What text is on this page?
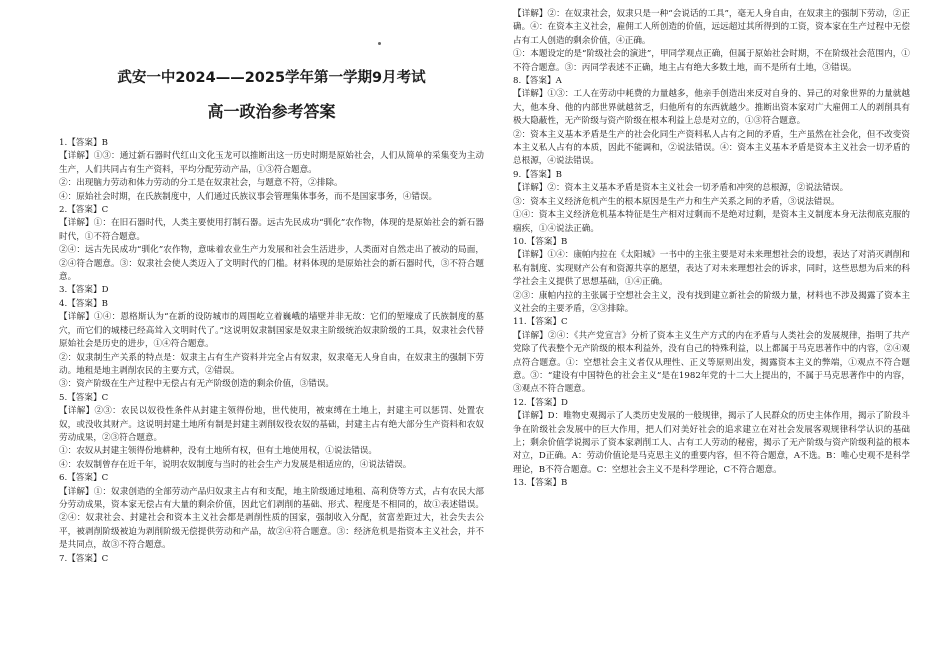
武安一中2024——2025学年第一学期9月考试
高一政治参考答案

1.【答案】B

【详解】①③：通过新石器时代红山文化玉龙可以推断出这一历史时期是原始社会，人们从简单的采集变为主动生产，人们共同占有生产资料，平均分配劳动产品，①③符合题意。

②：出现脑力劳动和体力劳动的分工是在奴隶社会，与题意不符，②排除。

④：原始社会时期，在氏族制度中，人们通过氏族议事会管理集体事务，而不是国家事务，④错误。

2.【答案】C

【详解】①：在旧石器时代，人类主要使用打制石器。远古先民成功“驯化”农作物，体现的是原始社会的新石器时代，①不符合题意。

②④：远古先民成功“驯化”农作物，意味着农业生产力发展和社会生活进步，人类面对自然走出了被动的局面，②④符合题意。③：奴隶社会使人类迈入了文明时代的门槛。材料体现的是原始社会的新石器时代，③不符合题意。

3.【答案】D

4.【答案】B

【详解】①④：恩格斯认为“在新的设防城市的周围屹立着巍峨的墙壁并非无故：它们的堑壕成了氏族制度的墓穴，而它们的城楼已经高耸入文明时代了。”这说明奴隶制国家是奴隶主阶级统治奴隶阶级的工具，奴隶社会代替原始社会是历史的进步，①④符合题意。

②：奴隶制生产关系的特点是：奴隶主占有生产资料并完全占有奴隶，奴隶毫无人身自由，在奴隶主的强制下劳动。地租是地主剥削农民的主要方式，②错误。

③：资产阶级在生产过程中无偿占有无产阶级创造的剩余价值，③错误。

5.【答案】C

【详解】②③：农民以奴役性条件从封建主领得份地，世代使用，被束缚在土地上，封建主可以惩罚、处置农奴，或没收其财产。这说明封建土地所有制是封建主剥削奴役农奴的基础，封建主占有绝大部分生产资料和农奴劳动成果，②③符合题意。

①：农奴从封建主领得份地耕种，没有土地所有权，但有土地使用权，①说法错误。

④：农奴制曾存在近千年，说明农奴制度与当时的社会生产力发展是相适应的，④说法错误。

6.【答案】C

【详解】①：奴隶创造的全部劳动产品归奴隶主占有和支配，地主阶级通过地租、高利贷等方式，占有农民大部分劳动成果，资本家无偿占有大量的剩余价值，因此它们剥削的基础、形式、程度是不相同的，故①表述错误。②④：奴隶社会、封建社会和资本主义社会都是剥削性质的国家，强制收入分配，贫富差距过大，社会失去公平，被剥削阶级被迫为剥削阶级无偿提供劳动和产品，故②④符合题意。③：经济危机是指资本主义社会，并不是共同点，故③不符合题意。

7.【答案】C

【详解】②：在奴隶社会，奴隶只是一种“会说话的工具”，毫无人身自由，在奴隶主的强制下劳动，②正确。④：在资本主义社会，雇佣工人所创造的价值，远远超过其所得到的工资，资本家在生产过程中无偿占有工人创造的剩余价值，④正确。

①：本题设定的是“阶级社会的演进”，甲同学观点正确，但属于原始社会时期，不在阶级社会范围内，①不符合题意。③：丙同学表述不正确，地主占有绝大多数土地，而不是所有土地，③错误。

8.【答案】A

【详解】①③：工人在劳动中耗费的力量越多，他亲手创造出来反对自身的、异己的对象世界的力量就越大，他本身、他的内部世界就越贫乏，归他所有的东西就越少。推断出资本家对广大雇佣工人的剥削具有极大隐蔽性，无产阶级与资产阶级在根本利益上总是对立的，①③符合题意。

②：资本主义基本矛盾是生产的社会化同生产资料私人占有之间的矛盾，生产虽然在社会化，但不改变资本主义私人占有的本质，因此不能调和，②说法错误。④：资本主义基本矛盾是资本主义社会一切矛盾的总根源，④说法错误。

9.【答案】B

【详解】②：资本主义基本矛盾是资本主义社会一切矛盾和冲突的总根源，②说法错误。

③：资本主义经济危机产生的根本原因是生产力和生产关系之间的矛盾，③说法错误。

①④：资本主义经济危机基本特征是生产相对过剩而不是绝对过剩，是资本主义制度本身无法彻底克服的痼疾，①④说法正确。

10.【答案】B

【详解】①④：康帕内拉在《太阳城》一书中的主张主要是对未来理想社会的设想，表达了对消灭剥削和私有制度、实现财产公有和资源共享的愿望，表达了对未来理想社会的诉求，同时，这些思想为后来的科学社会主义提供了思想基础，①④正确。

②③：康帕内拉的主张属于空想社会主义，没有找到建立新社会的阶级力量，材料也不涉及揭露了资本主义社会的主要矛盾，②③排除。

11.【答案】C

【详解】②④：《共产党宣言》分析了资本主义生产方式的内在矛盾与人类社会的发展规律，指明了共产党除了代表整个无产阶级的根本利益外，没有自己的特殊利益，以上都属于马克思著作中的内容，②④观点符合题意。①：空想社会主义者仅从理性、正义等原则出发，揭露资本主义的弊端，①观点不符合题意。③：“建设有中国特色的社会主义”是在1982年党的十二大上提出的，不属于马克思著作中的内容，③观点不符合题意。

12.【答案】D

【详解】D：唯物史观揭示了人类历史发展的一般规律，揭示了人民群众的历史主体作用，揭示了阶段斗争在阶级社会发展中的巨大作用，把人们对美好社会的追求建立在对社会发展客观规律科学认识的基础上；剩余价值学说揭示了资本家剥削工人、占有工人劳动的秘密，揭示了无产阶级与资产阶级利益的根本对立，D正确。A：劳动价值论是马克思主义的重要内容，但不符合题意，A不选。B：唯心史观不是科学理论，B不符合题意。C：空想社会主义不是科学理论，C不符合题意。

13.【答案】B
